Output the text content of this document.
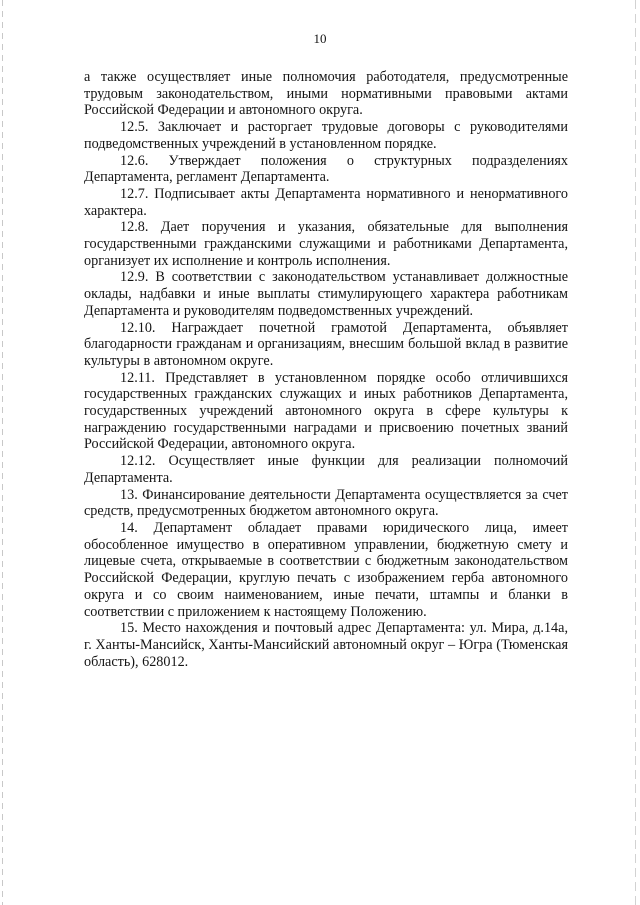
10

а также осуществляет иные полномочия работодателя, предусмотренные трудовым законодательством, иными нормативными правовыми актами Российской Федерации и автономного округа.

12.5. Заключает и расторгает трудовые договоры с руководителями подведомственных учреждений в установленном порядке.

12.6. Утверждает положения о структурных подразделениях Департамента, регламент Департамента.

12.7. Подписывает акты Департамента нормативного и ненормативного характера.

12.8. Дает поручения и указания, обязательные для выполнения государственными гражданскими служащими и работниками Департамента, организует их исполнение и контроль исполнения.

12.9. В соответствии с законодательством устанавливает должностные оклады, надбавки и иные выплаты стимулирующего характера работникам Департамента и руководителям подведомственных учреждений.

12.10. Награждает почетной грамотой Департамента, объявляет благодарности гражданам и организациям, внесшим большой вклад в развитие культуры в автономном округе.

12.11. Представляет в установленном порядке особо отличившихся государственных гражданских служащих и иных работников Департамента, государственных учреждений автономного округа в сфере культуры к награждению государственными наградами и присвоению почетных званий Российской Федерации, автономного округа.

12.12. Осуществляет иные функции для реализации полномочий Департамента.

13. Финансирование деятельности Департамента осуществляется за счет средств, предусмотренных бюджетом автономного округа.

14. Департамент обладает правами юридического лица, имеет обособленное имущество в оперативном управлении, бюджетную смету и лицевые счета, открываемые в соответствии с бюджетным законодательством Российской Федерации, круглую печать с изображением герба автономного округа и со своим наименованием, иные печати, штампы и бланки в соответствии с приложением к настоящему Положению.

15. Место нахождения и почтовый адрес Департамента: ул. Мира, д.14а, г. Ханты-Мансийск, Ханты-Мансийский автономный округ – Югра (Тюменская область), 628012.
